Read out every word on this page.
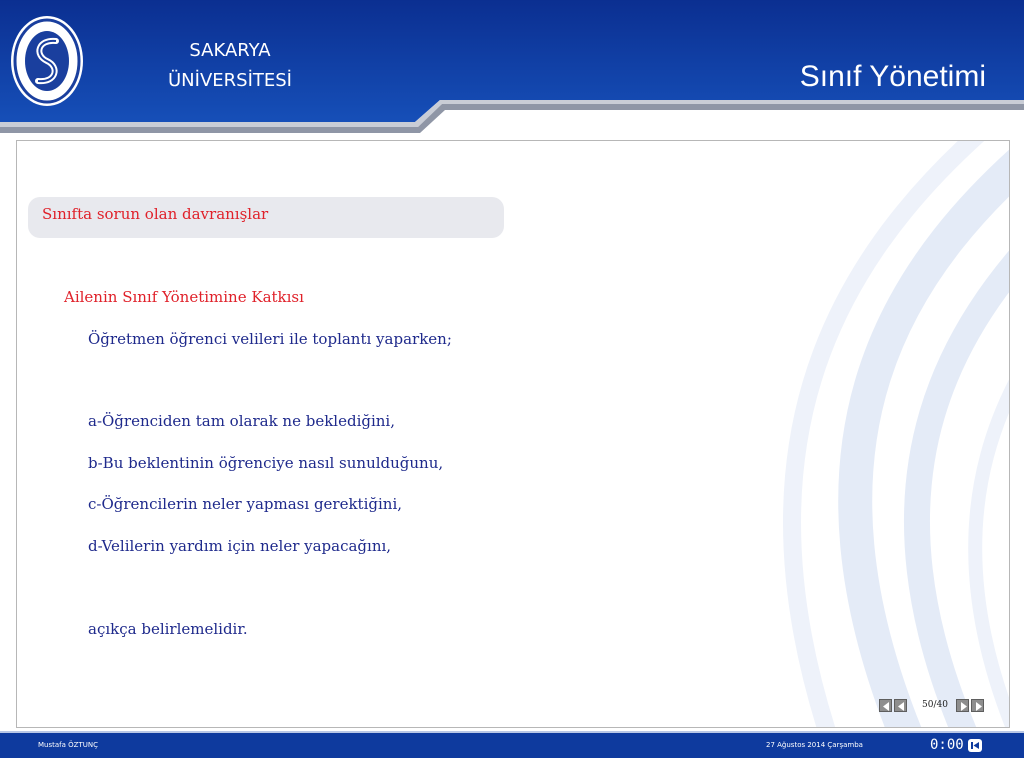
SAKARYA
ÜNİVERSİTESİ	Sınıf Yönetimi
Sınıfta sorun olan davranışlar
Ailenin Sınıf Yönetimine Katkısı
Öğretmen öğrenci velileri ile toplantı yaparken;
a-Öğrenciden tam olarak ne beklediğini,
b-Bu beklentinin öğrenciye nasıl sunulduğunu,
c-Öğrencilerin neler yapması gerektiğini,
d-Velilerin yardım için neler yapacağını,
açıkça belirlemelidir.
50/40
Mustafa ÖZTUNÇ	27 Ağustos 2014 Çarşamba	0:00
